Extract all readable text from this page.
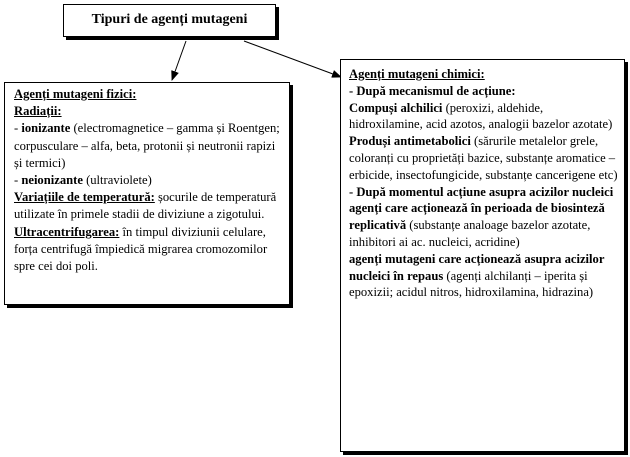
Tipuri de agenți mutageni

Agenți mutageni fizici:

Radiații:

- ionizante (electromagnetice – gamma și Roentgen; corpusculare – alfa, beta, protonii și neutronii rapizi și termici)

- neionizante (ultraviolete)

Variațiile de temperatură: șocurile de temperatură utilizate în primele stadii de diviziune a zigotului.

Ultracentrifugarea: în timpul diviziunii celulare, forța centrifugă împiedică migrarea cromozomilor spre cei doi poli.

Agenți mutageni chimici:

- După mecanismul de acțiune:

Compuși alchilici (peroxizi, aldehide, hidroxilamine, acid azotos, analogii bazelor azotate)

Produși antimetabolici (sărurile metalelor grele, coloranți cu proprietăți bazice, substanțe aromatice – erbicide, insectofungicide, substanțe cancerigene etc)

- După momentul acțiune asupra acizilor nucleici

agenți care acționează în perioada de biosinteză replicativă (substanțe analoage bazelor azotate, inhibitori ai ac. nucleici, acridine)

agenți mutageni care acționează asupra acizilor nucleici în repaus (agenți alchilanți – iperita și epoxizii; acidul nitros, hidroxilamina, hidrazina)
